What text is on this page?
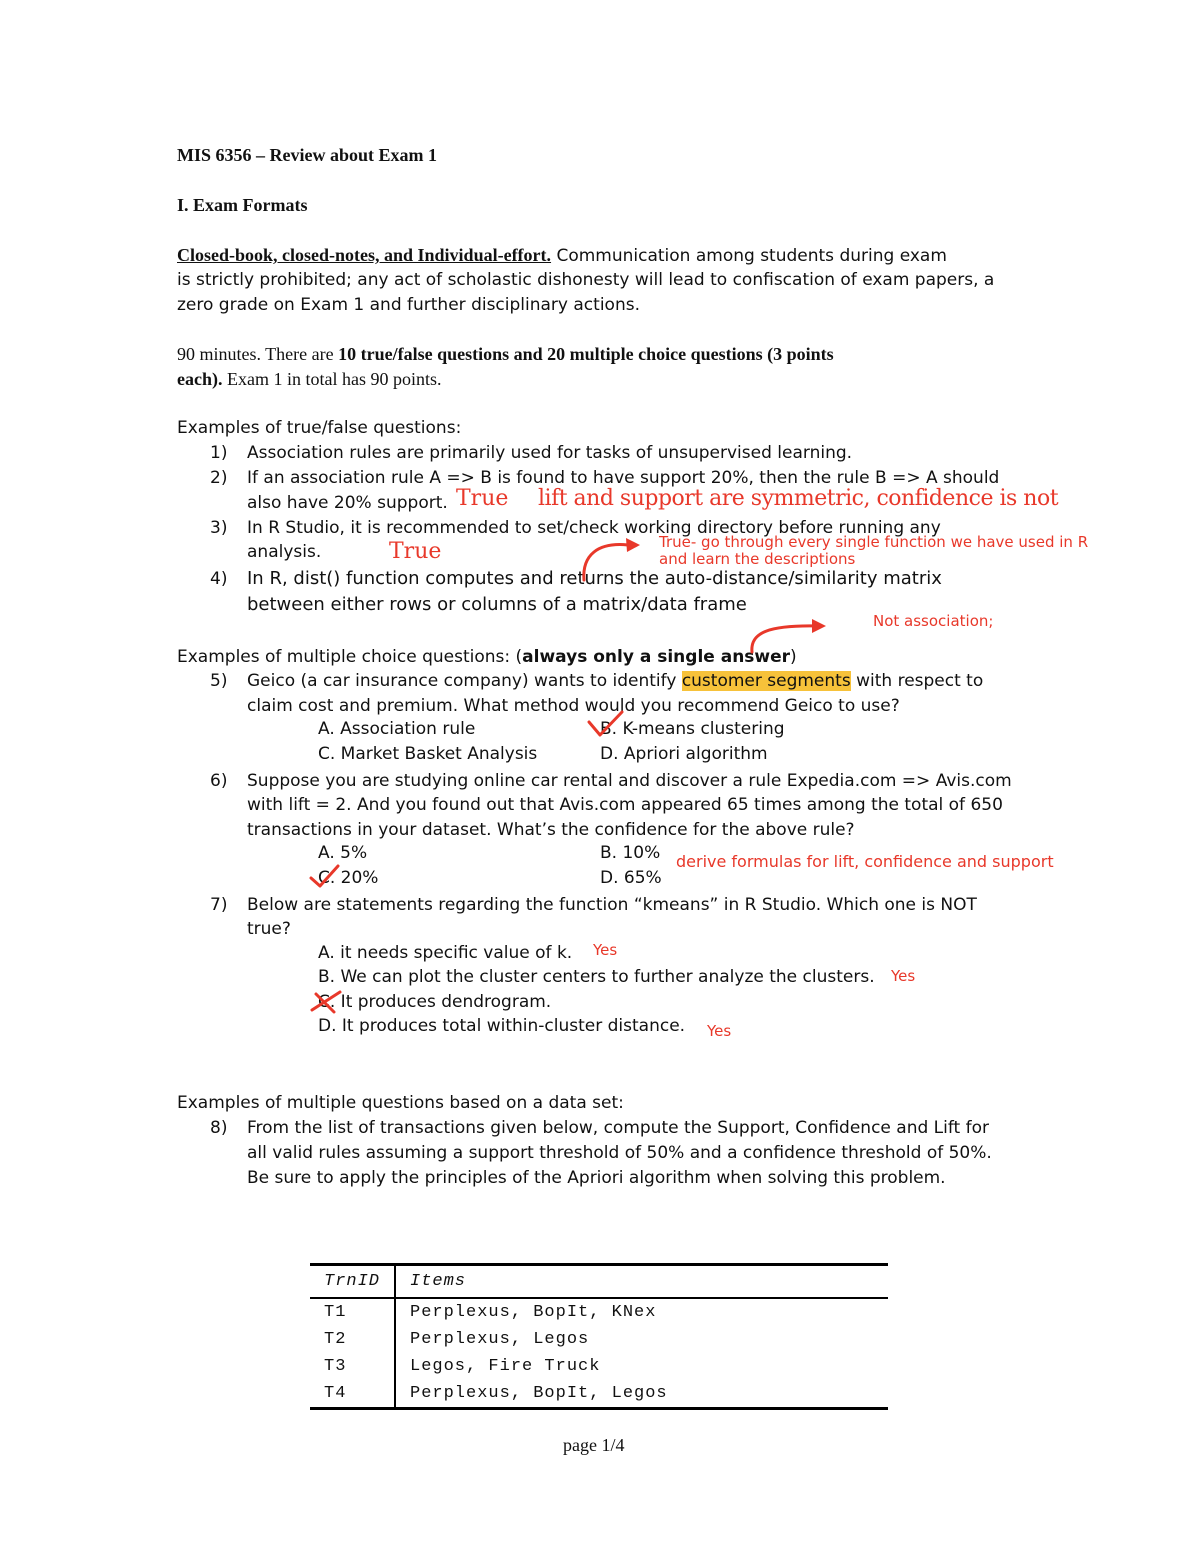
MIS 6356 – Review about Exam 1
I. Exam Formats
Closed-book, closed-notes, and Individual-effort. Communication among students during exam
is strictly prohibited; any act of scholastic dishonesty will lead to confiscation of exam papers, a
zero grade on Exam 1 and further disciplinary actions.
90 minutes. There are 10 true/false questions and 20 multiple choice questions (3 points
each). Exam 1 in total has 90 points.
Examples of true/false questions:
1) Association rules are primarily used for tasks of unsupervised learning.
2) If an association rule A => B is found to have support 20%, then the rule B => A should
also have 20% support.
3) In R Studio, it is recommended to set/check working directory before running any
analysis.
4) In R, dist() function computes and returns the auto-distance/similarity matrix
between either rows or columns of a matrix/data frame
Examples of multiple choice questions: (always only a single answer)
5) Geico (a car insurance company) wants to identify customer segments with respect to
claim cost and premium. What method would you recommend Geico to use?
A. Association rule	B. K-means clustering
C. Market Basket Analysis	D. Apriori algorithm
6) Suppose you are studying online car rental and discover a rule Expedia.com => Avis.com
with lift = 2. And you found out that Avis.com appeared 65 times among the total of 650
transactions in your dataset. What’s the confidence for the above rule?
A. 5%	B. 10%
C. 20%	D. 65%
7) Below are statements regarding the function “kmeans” in R Studio. Which one is NOT
true?
A. it needs specific value of k.
B. We can plot the cluster centers to further analyze the clusters.
C. It produces dendrogram.
D. It produces total within-cluster distance.
Examples of multiple questions based on a data set:
8) From the list of transactions given below, compute the Support, Confidence and Lift for
all valid rules assuming a support threshold of 50% and a confidence threshold of 50%.
Be sure to apply the principles of the Apriori algorithm when solving this problem.
TrnID	Items
T1	Perplexus, BopIt, KNex
T2	Perplexus, Legos
T3	Legos, Fire Truck
T4	Perplexus, BopIt, Legos
page 1/4
True lift and support are symmetric, confidence is not
True	True- go through every single function we have used in R
and learn the descriptions
Not association;
derive formulas for lift, confidence and support
Yes
Yes
Yes
